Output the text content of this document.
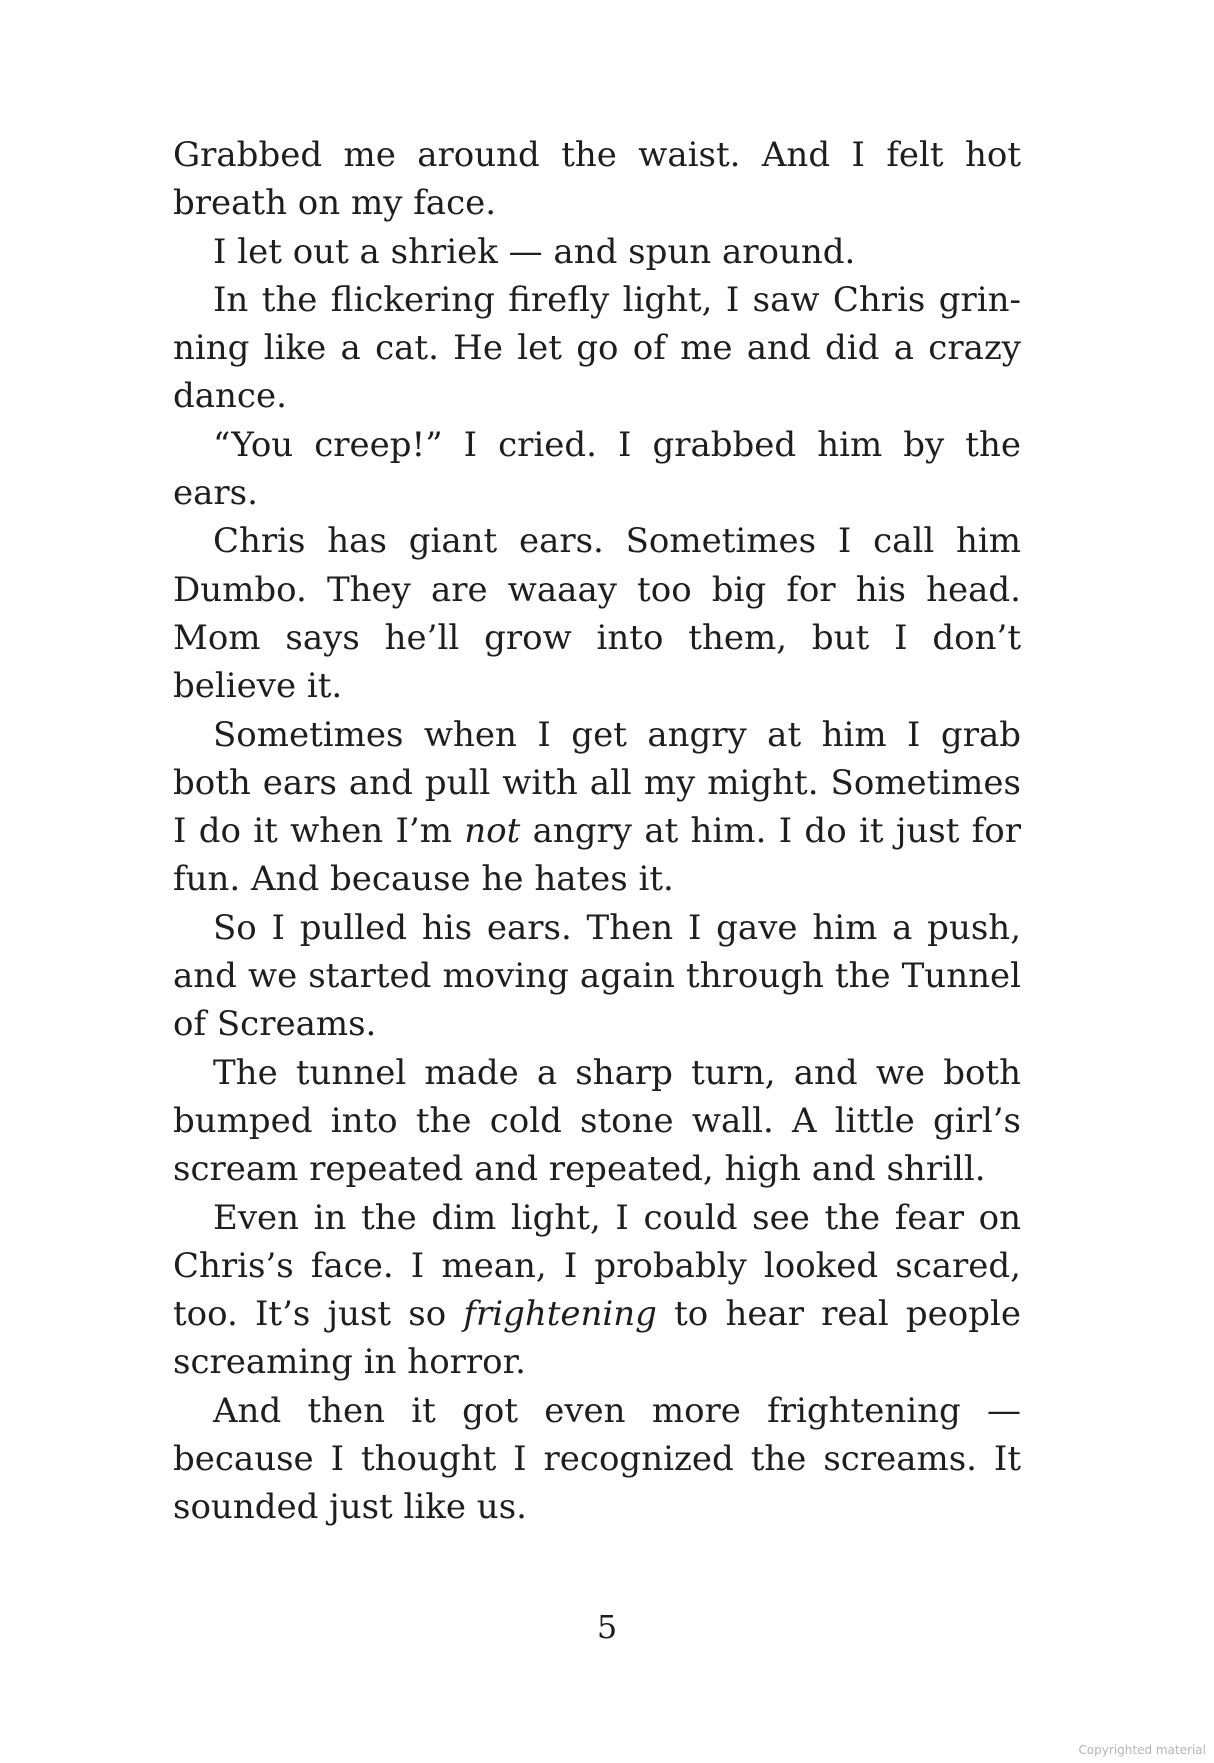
Grabbed me around the waist. And I felt hot breath on my face.

I let out a shriek — and spun around.

In the flickering firefly light, I saw Chris grinning like a cat. He let go of me and did a crazy dance.

“You creep!” I cried. I grabbed him by the ears.

Chris has giant ears. Sometimes I call him Dumbo. They are waaay too big for his head. Mom says he’ll grow into them, but I don’t believe it.

Sometimes when I get angry at him I grab both ears and pull with all my might. Sometimes I do it when I’m not angry at him. I do it just for fun. And because he hates it.

So I pulled his ears. Then I gave him a push, and we started moving again through the Tunnel of Screams.

The tunnel made a sharp turn, and we both bumped into the cold stone wall. A little girl’s scream repeated and repeated, high and shrill.

Even in the dim light, I could see the fear on Chris’s face. I mean, I probably looked scared, too. It’s just so frightening to hear real people screaming in horror.

And then it got even more frightening — because I thought I recognized the screams. It sounded just like us.

5
Copyrighted material
